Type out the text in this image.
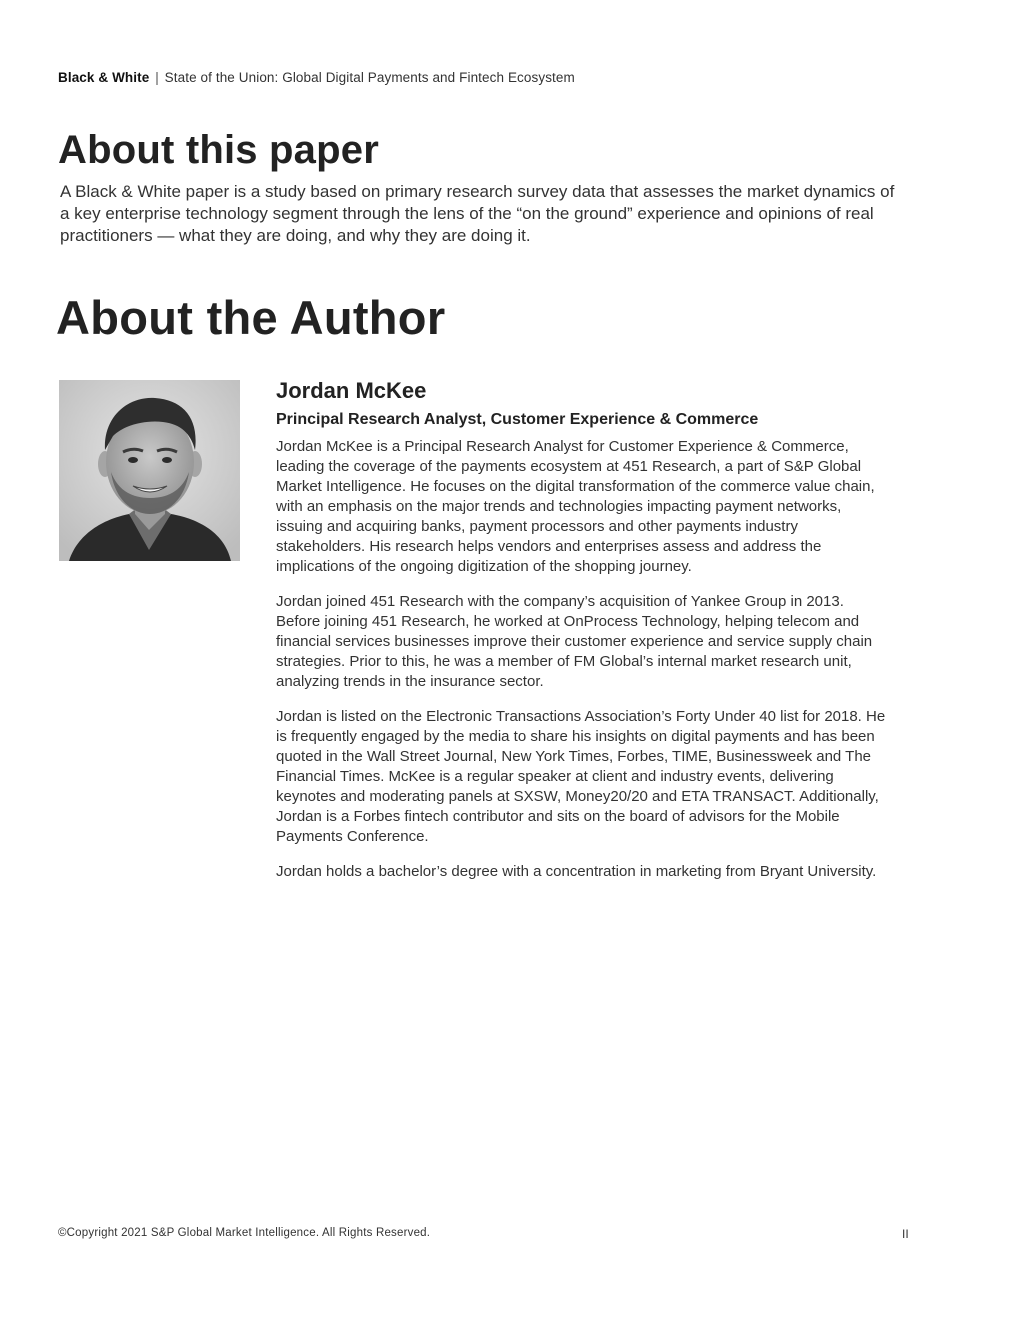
Black & White | State of the Union: Global Digital Payments and Fintech Ecosystem
About this paper

A Black & White paper is a study based on primary research survey data that assesses the market dynamics of a key enterprise technology segment through the lens of the “on the ground” experience and opinions of real practitioners — what they are doing, and why they are doing it.

About the Author
Jordan McKee
Principal Research Analyst, Customer Experience & Commerce

Jordan McKee is a Principal Research Analyst for Customer Experience & Commerce, leading the coverage of the payments ecosystem at 451 Research, a part of S&P Global Market Intelligence. He focuses on the digital transformation of the commerce value chain, with an emphasis on the major trends and technologies impacting payment networks, issuing and acquiring banks, payment processors and other payments industry stakeholders. His research helps vendors and enterprises assess and address the implications of the ongoing digitization of the shopping journey.

Jordan joined 451 Research with the company’s acquisition of Yankee Group in 2013. Before joining 451 Research, he worked at OnProcess Technology, helping telecom and financial services businesses improve their customer experience and service supply chain strategies. Prior to this, he was a member of FM Global’s internal market research unit, analyzing trends in the insurance sector.

Jordan is listed on the Electronic Transactions Association’s Forty Under 40 list for 2018. He is frequently engaged by the media to share his insights on digital payments and has been quoted in the Wall Street Journal, New York Times, Forbes, TIME, Businessweek and The Financial Times. McKee is a regular speaker at client and industry events, delivering keynotes and moderating panels at SXSW, Money20/20 and ETA TRANSACT. Additionally, Jordan is a Forbes fintech contributor and sits on the board of advisors for the Mobile Payments Conference.

Jordan holds a bachelor’s degree with a concentration in marketing from Bryant University.

©Copyright 2021 S&P Global Market Intelligence. All Rights Reserved.	II
